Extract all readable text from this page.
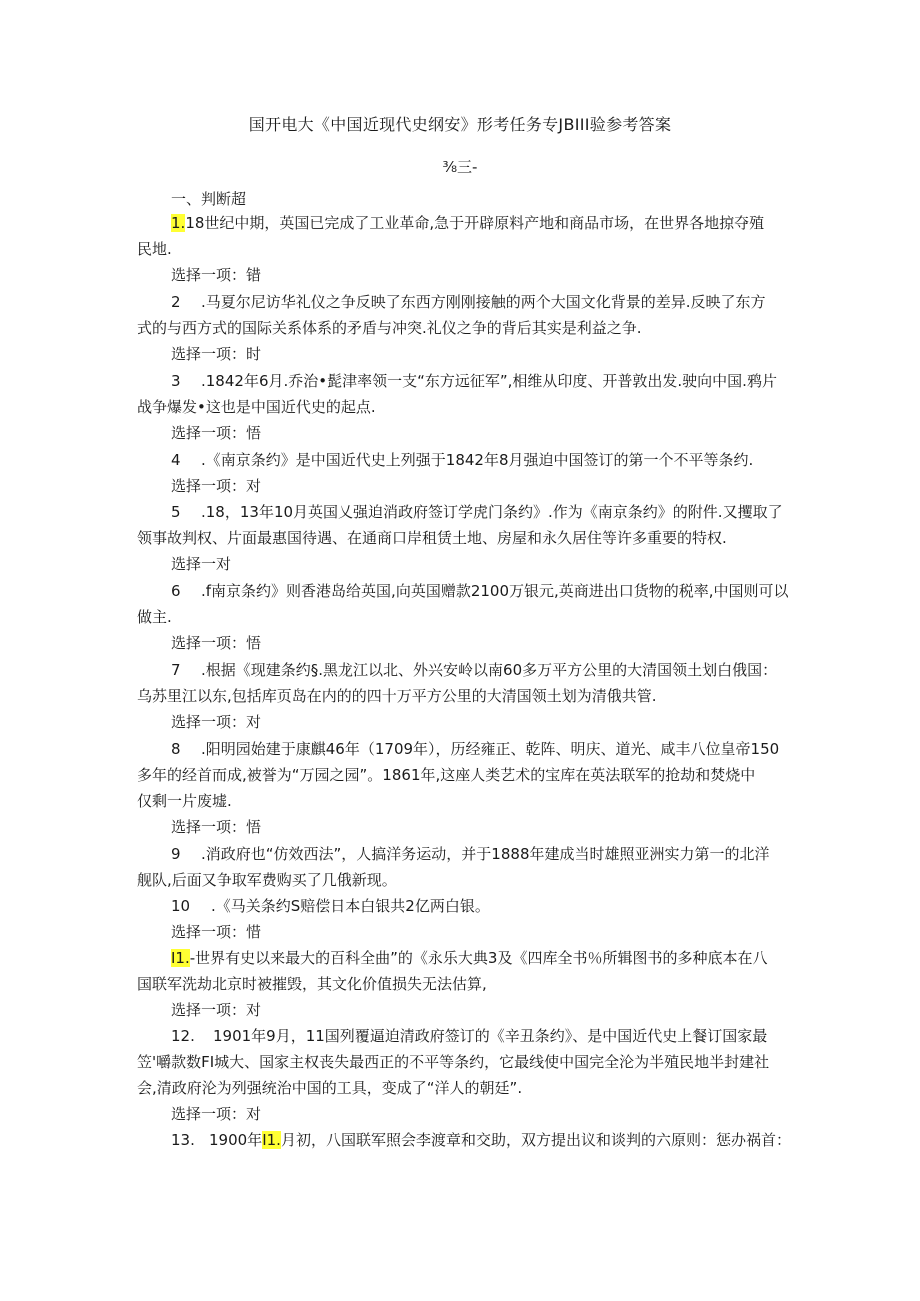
国开电大《中国近现代史纲安》形考任务专JBIII验参考答案
⅜三-
一、判断超
1.18世纪中期，英国已完成了工业革命,急于开辟原料产地和商品市场，在世界各地掠夺殖
民地.
选择一项：错
2 .马夏尔尼访华礼仪之争反映了东西方刚刚接触的两个大国文化背景的差异.反映了东方
式的与西方式的国际关系体系的矛盾与冲突.礼仪之争的背后其实是利益之争.
选择一项：时
3 .1842年6月.乔治•髭津率领一支“东方远征军”,相维从印度、开普敦出发.驶向中国.鸦片
战争爆发•这也是中国近代史的起点.
选择一项：悟
4 .《南京条约》是中国近代史上列强于1842年8月强迫中国签订的第一个不平等条约.
选择一项：对
5 .18，13年10月英国乂强迫消政府签订学虎门条约》.作为《南京条约》的附件.又攫取了
领事故判权、片面最惠国待遇、在通商口岸租赁土地、房屋和永久居住等许多重要的特权.
选择一对
6 .f南京条约》则香港岛给英国,向英国赠款2100万银元,英商进出口货物的税率,中国则可以
做主.
选择一项：悟
7 .根据《现建条约§.黑龙江以北、外兴安岭以南60多万平方公里的大清国领土划白俄国：
乌苏里江以东,包括库页岛在内的的四十万平方公里的大清国领土划为清俄共管.
选择一项：对
8 .阳明园始建于康麒46年（1709年），历经雍正、乾阵、明庆、道光、咸丰八位皇帝150
多年的经首而成,被誉为“万园之园”。1861年,这座人类艺术的宝库在英法联军的抢劫和焚烧中
仅剩一片废墟.
选择一项：悟
9 .消政府也“仿效西法”，人搞洋务运动，并于1888年建成当时雄照亚洲实力第一的北洋
舰队,后面又争取军费购买了几俄新现。
10 .《马关条约S赔偿日本白银共2亿两白银。
选择一项：惜
I1.-世界有史以来最大的百科全曲”的《永乐大典3及《四库全书％所辑图书的多种底本在八
国联军洗劫北京时被摧毁，其文化价值损失无法估算,
选择一项：对
12. 1901年9月，11国列覆逼迫清政府签订的《辛丑条约》、是中国近代史上餐订国家最
笠'嚼款数FI城大、国家主权丧失最西正的不平等条约，它最线使中国完全沦为半殖民地半封建社
会,清政府沦为列强统治中国的工具，变成了“洋人的朝廷”.
选择一项：对
13. 1900年I1.月初，八国联军照会李渡章和交助，双方提出议和谈判的六原则：惩办祸首：
